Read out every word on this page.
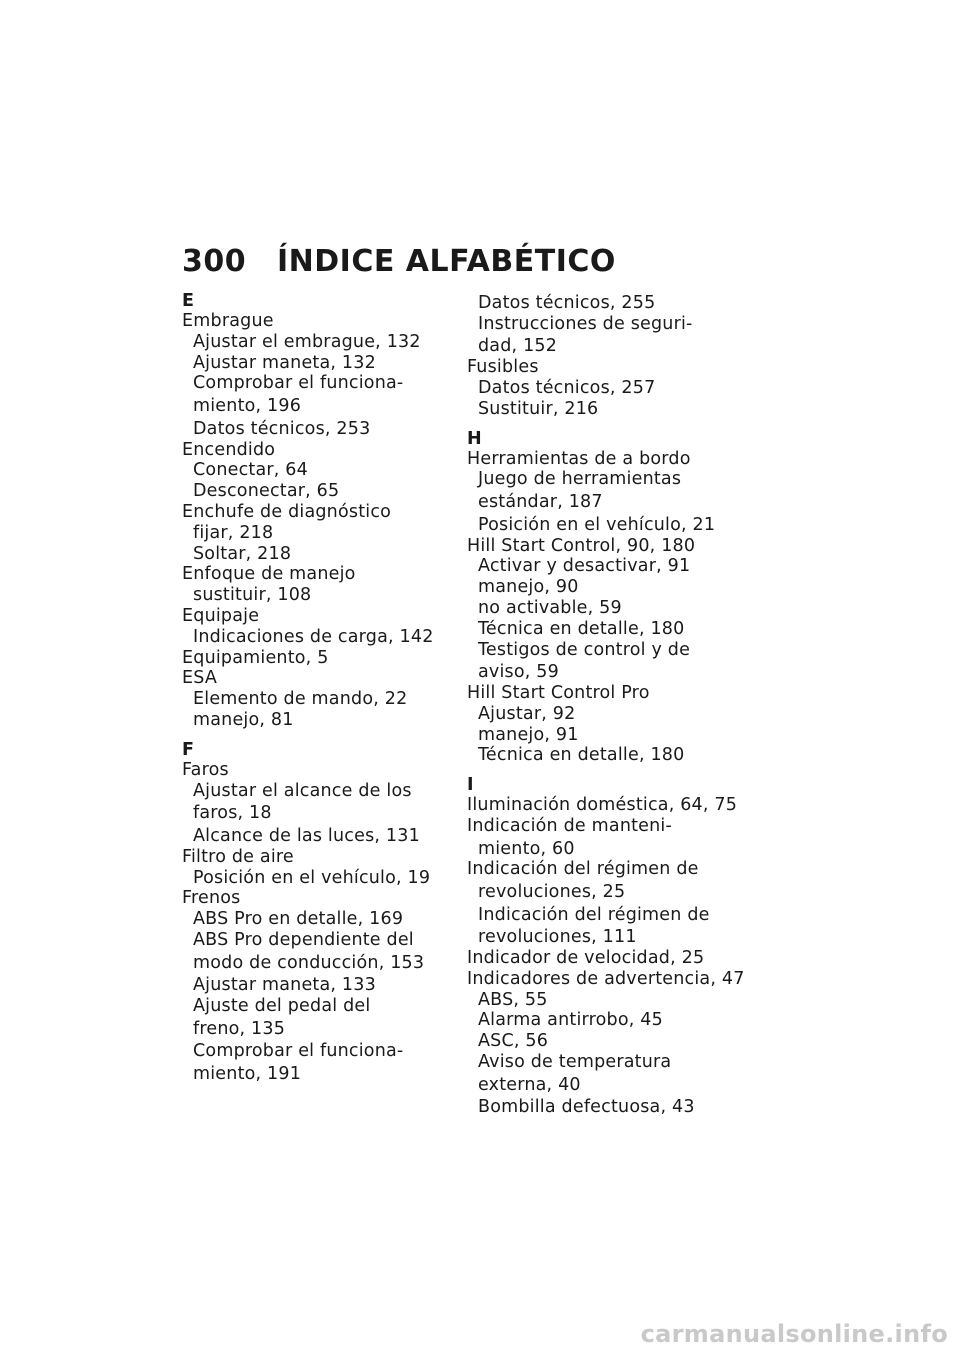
300 ÍNDICE ALFABÉTICO
E
Embrague
Ajustar el embrague, 132
Ajustar maneta, 132
Comprobar el funciona-
miento, 196
Datos técnicos, 253
Encendido
Conectar, 64
Desconectar, 65
Enchufe de diagnóstico
fijar, 218
Soltar, 218
Enfoque de manejo
sustituir, 108
Equipaje
Indicaciones de carga, 142
Equipamiento, 5
ESA
Elemento de mando, 22
manejo, 81
F
Faros
Ajustar el alcance de los
faros, 18
Alcance de las luces, 131
Filtro de aire
Posición en el vehículo, 19
Frenos
ABS Pro en detalle, 169
ABS Pro dependiente del
modo de conducción, 153
Ajustar maneta, 133
Ajuste del pedal del
freno, 135
Comprobar el funciona-
miento, 191
Datos técnicos, 255
Instrucciones de seguri-
dad, 152
Fusibles
Datos técnicos, 257
Sustituir, 216
H
Herramientas de a bordo
Juego de herramientas
estándar, 187
Posición en el vehículo, 21
Hill Start Control, 90, 180
Activar y desactivar, 91
manejo, 90
no activable, 59
Técnica en detalle, 180
Testigos de control y de
aviso, 59
Hill Start Control Pro
Ajustar, 92
manejo, 91
Técnica en detalle, 180
I
Iluminación doméstica, 64, 75
Indicación de manteni-
miento, 60
Indicación del régimen de
revoluciones, 25
Indicación del régimen de
revoluciones, 111
Indicador de velocidad, 25
Indicadores de advertencia, 47
ABS, 55
Alarma antirrobo, 45
ASC, 56
Aviso de temperatura
externa, 40
Bombilla defectuosa, 43
carmanualsonline.info
